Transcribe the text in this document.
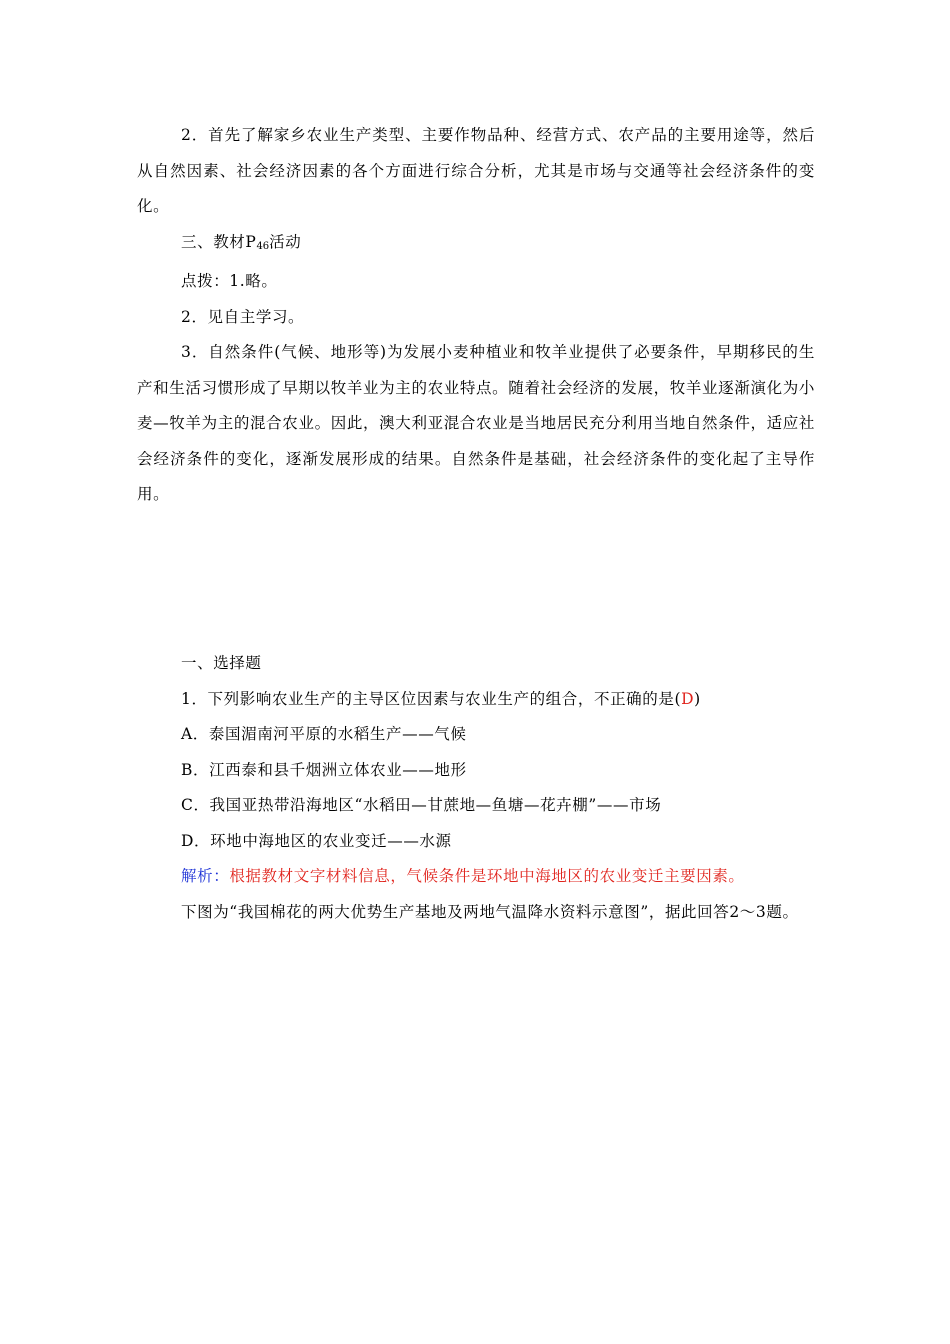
2．首先了解家乡农业生产类型、主要作物品种、经营方式、农产品的主要用途等，然后从自然因素、社会经济因素的各个方面进行综合分析，尤其是市场与交通等社会经济条件的变化。

三、教材$P_{46}$活动

点拨：1.略。

2．见自主学习。

3．自然条件(气候、地形等)为发展小麦种植业和牧羊业提供了必要条件，早期移民的生产和生活习惯形成了早期以牧羊业为主的农业特点。随着社会经济的发展，牧羊业逐渐演化为小麦—牧羊为主的混合农业。因此，澳大利亚混合农业是当地居民充分利用当地自然条件，适应社会经济条件的变化，逐渐发展形成的结果。自然条件是基础，社会经济条件的变化起了主导作用。

一、选择题

1．下列影响农业生产的主导区位因素与农业生产的组合，不正确的是(D)

A．泰国湄南河平原的水稻生产——气候

B．江西泰和县千烟洲立体农业——地形

C．我国亚热带沿海地区“水稻田—甘蔗地—鱼塘—花卉棚”——市场

D．环地中海地区的农业变迁——水源

解析：根据教材文字材料信息，气候条件是环地中海地区的农业变迁主要因素。

下图为“我国棉花的两大优势生产基地及两地气温降水资料示意图”，据此回答2～3题。
